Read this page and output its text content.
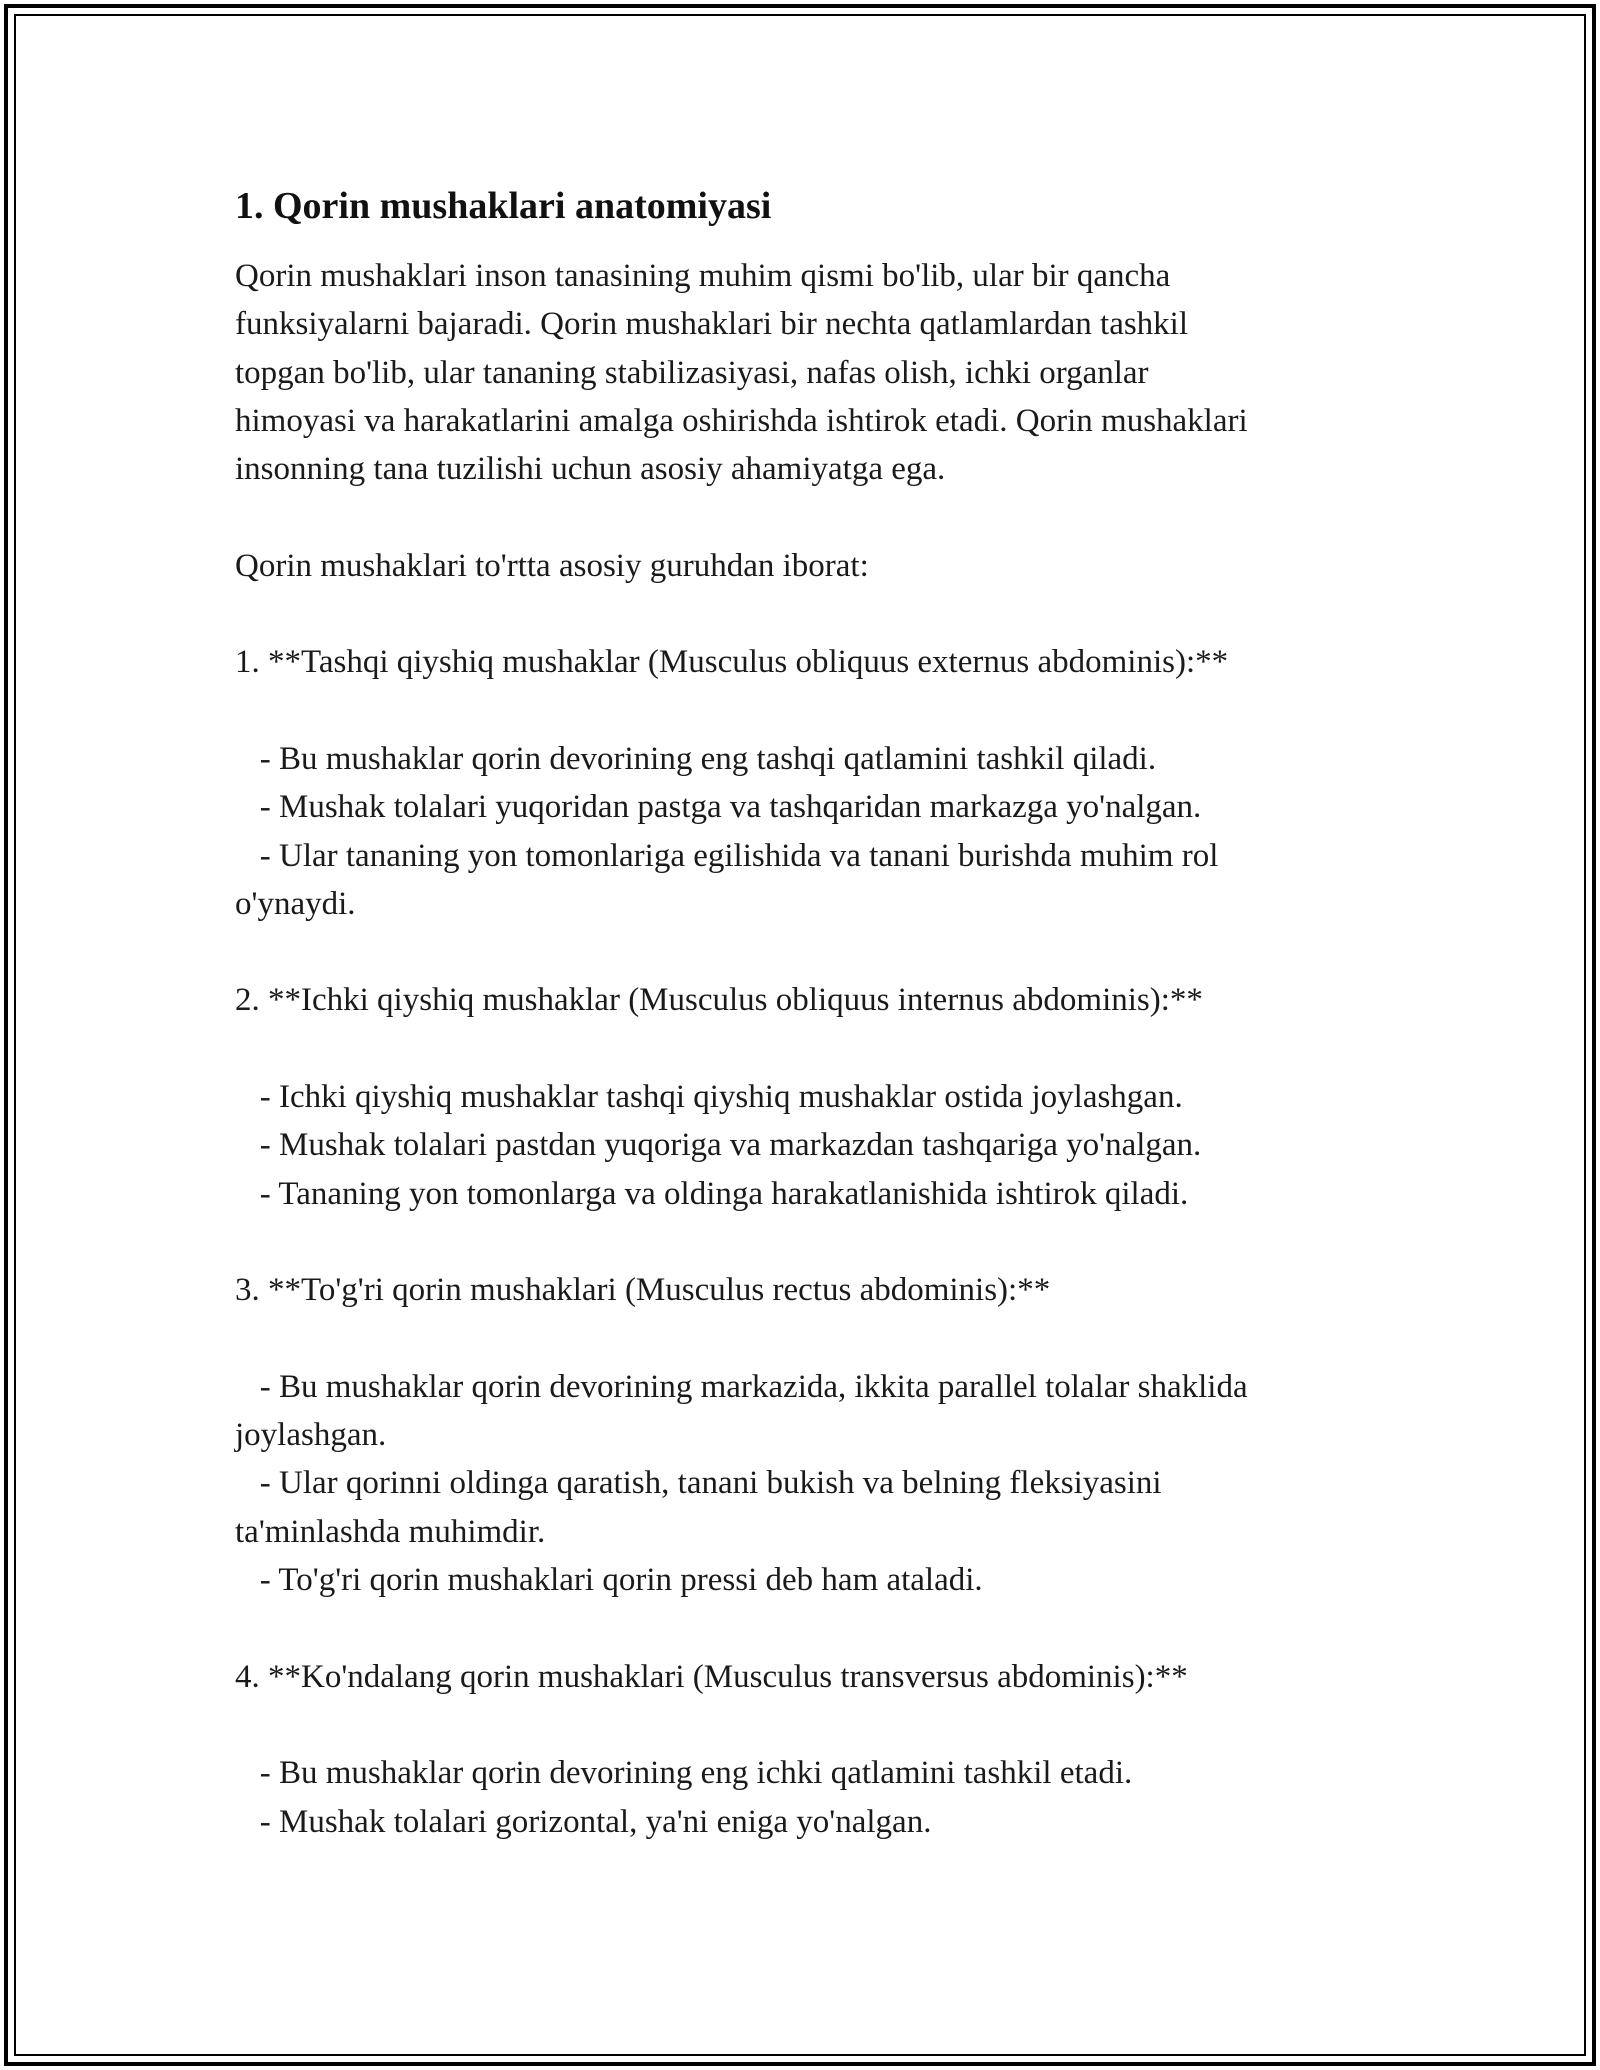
1. Qorin mushaklari anatomiyasi
Qorin mushaklari inson tanasining muhim qismi bo'lib, ular bir qancha
funksiyalarni bajaradi. Qorin mushaklari bir nechta qatlamlardan tashkil
topgan bo'lib, ular tananing stabilizasiyasi, nafas olish, ichki organlar
himoyasi va harakatlarini amalga oshirishda ishtirok etadi. Qorin mushaklari
insonning tana tuzilishi uchun asosiy ahamiyatga ega.
Qorin mushaklari to'rtta asosiy guruhdan iborat:
1. **Tashqi qiyshiq mushaklar (Musculus obliquus externus abdominis):**
- Bu mushaklar qorin devorining eng tashqi qatlamini tashkil qiladi.
- Mushak tolalari yuqoridan pastga va tashqaridan markazga yo'nalgan.
- Ular tananing yon tomonlariga egilishida va tanani burishda muhim rol
o'ynaydi.
2. **Ichki qiyshiq mushaklar (Musculus obliquus internus abdominis):**
- Ichki qiyshiq mushaklar tashqi qiyshiq mushaklar ostida joylashgan.
- Mushak tolalari pastdan yuqoriga va markazdan tashqariga yo'nalgan.
- Tananing yon tomonlarga va oldinga harakatlanishida ishtirok qiladi.
3. **To'g'ri qorin mushaklari (Musculus rectus abdominis):**
- Bu mushaklar qorin devorining markazida, ikkita parallel tolalar shaklida
joylashgan.
- Ular qorinni oldinga qaratish, tanani bukish va belning fleksiyasini
ta'minlashda muhimdir.
- To'g'ri qorin mushaklari qorin pressi deb ham ataladi.
4. **Ko'ndalang qorin mushaklari (Musculus transversus abdominis):**
- Bu mushaklar qorin devorining eng ichki qatlamini tashkil etadi.
- Mushak tolalari gorizontal, ya'ni eniga yo'nalgan.
